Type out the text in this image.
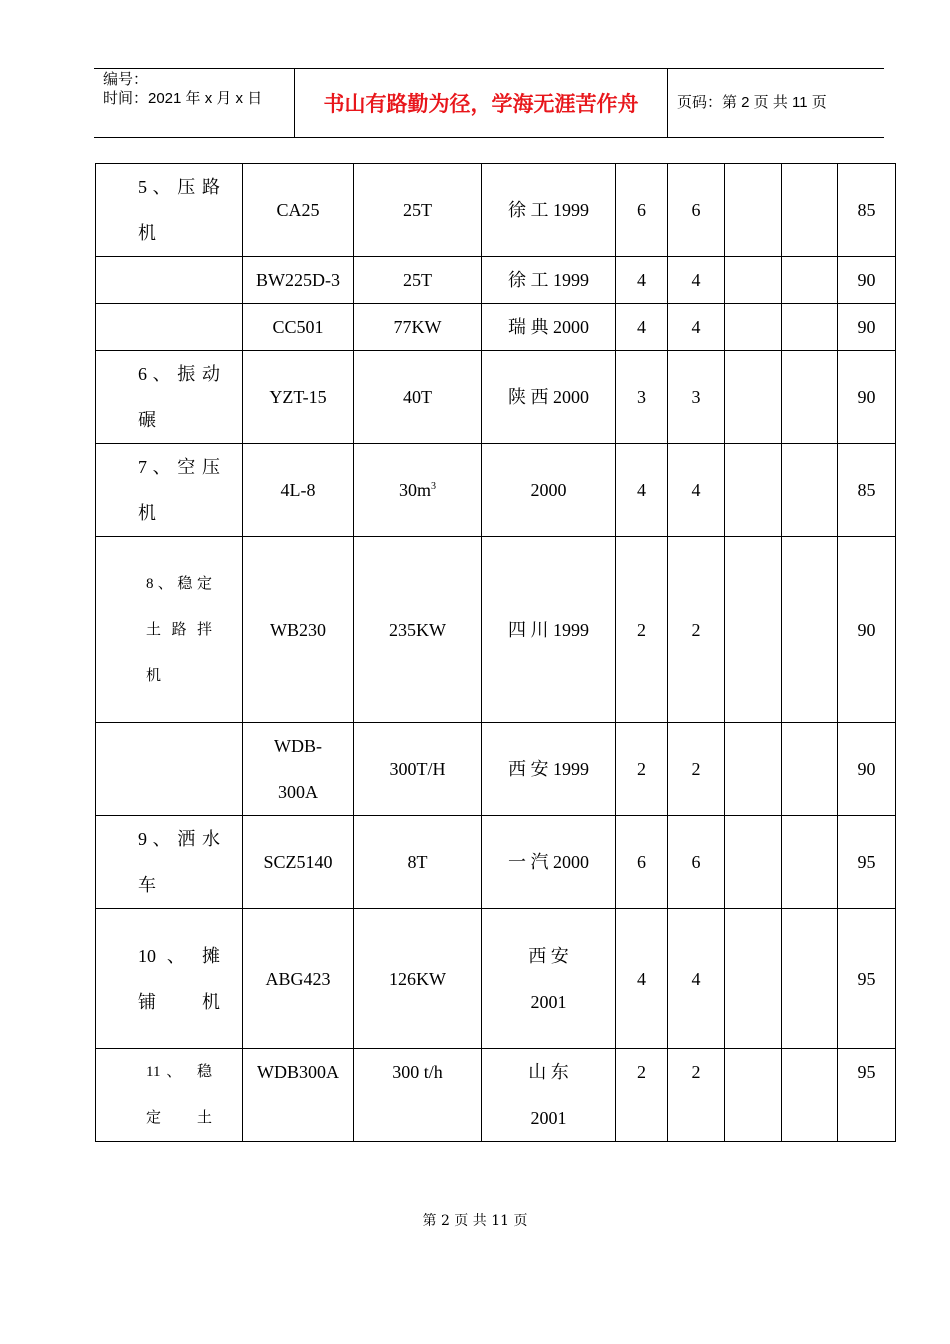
编号：
时间：2021 年 x 月 x 日	书山有路勤为径，学海无涯苦作舟	页码：第 2 页 共 11 页
5 、 压 路 机	CA25	25T	徐 工 1999	6	6			85
	BW225D-3	25T	徐 工 1999	4	4			90
	CC501	77KW	瑞 典 2000	4	4			90
6 、 振 动 碾	YZT-15	40T	陕 西 2000	3	3			90
7 、 空 压 机	4L-8	$30m^3$	2000	4	4			85
8 、 稳 定 土 路 拌 机	WB230	235KW	四 川 1999	2	2			90
	WDB-300A	300T/H	西 安 1999	2	2			90
9 、 洒 水 车	SCZ5140	8T	一 汽 2000	6	6			95
10 、 摊 铺 机	ABG423	126KW	西 安 2001	4	4			95
11、 稳 定 土	WDB300A	300 t/h	山 东 2001	2	2			95
第 2 页 共 11 页
